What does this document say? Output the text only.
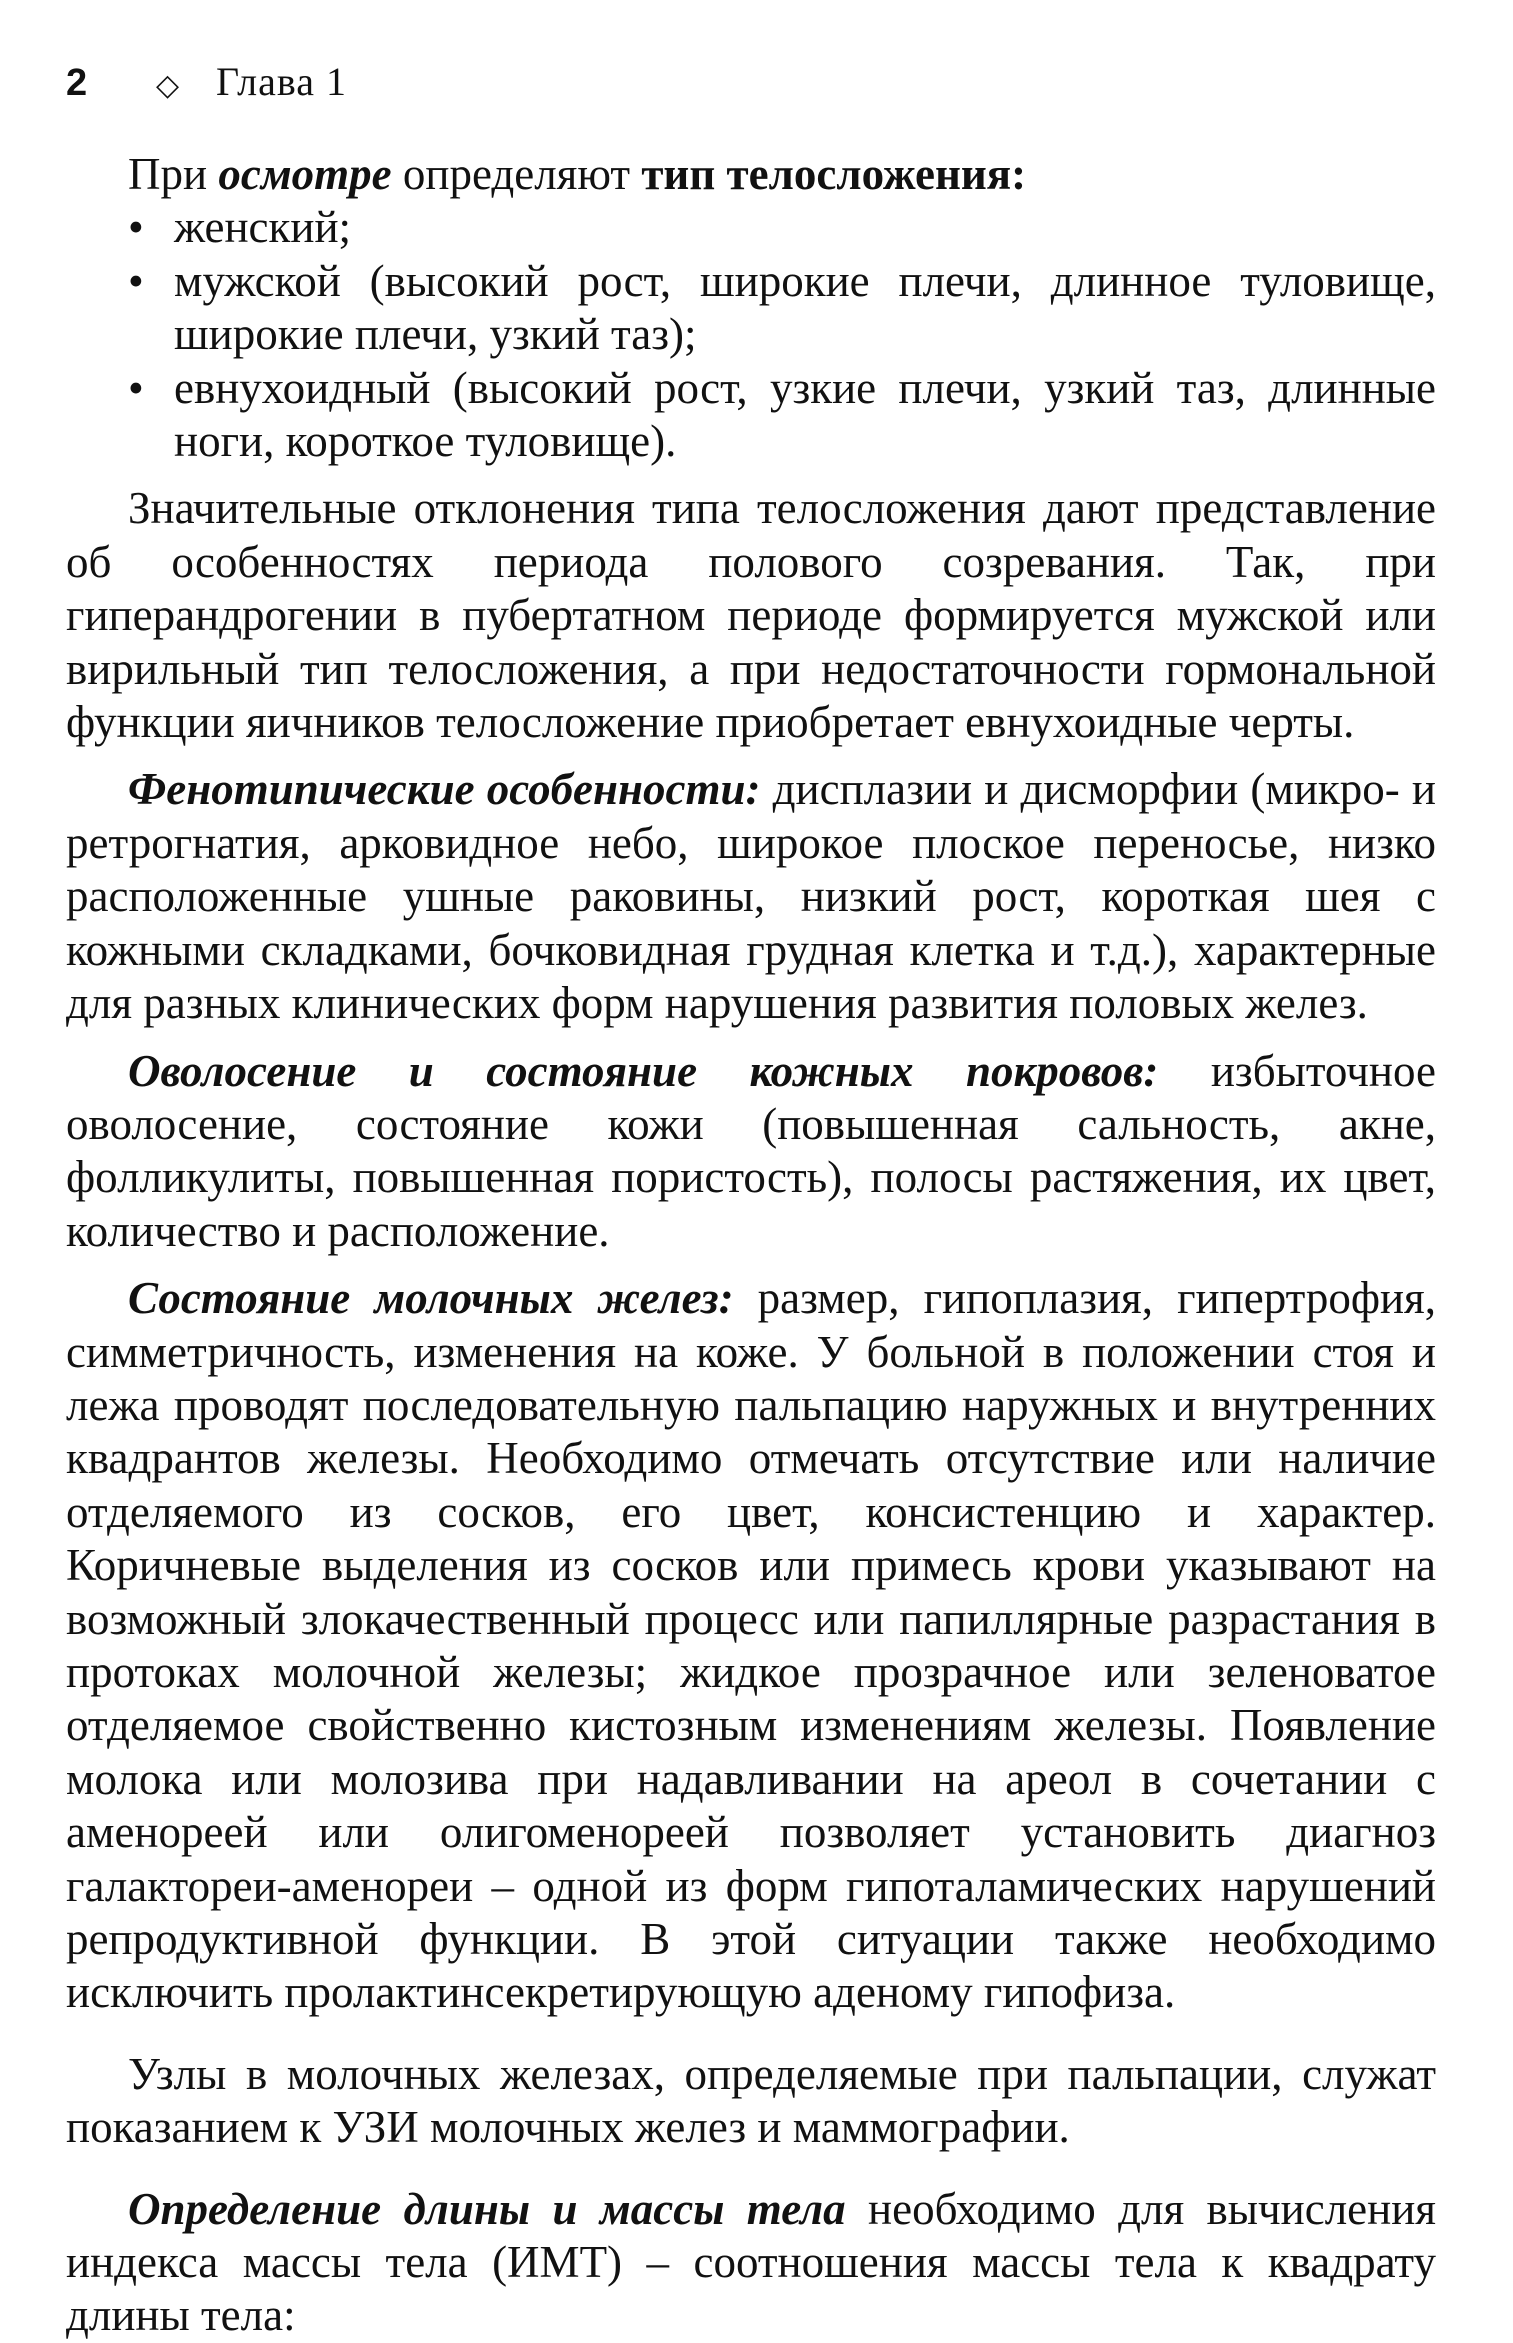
2	◇ Глава 1

При осмотре определяют тип телосложения:

• женский;
• мужской (высокий рост, широкие плечи, длинное туловище, широкие плечи, узкий таз);
• евнухоидный (высокий рост, узкие плечи, узкий таз, длинные ноги, короткое туловище).

Значительные отклонения типа телосложения дают представление об особенностях периода полового созревания. Так, при гиперандрогении в пубертатном периоде формируется мужской или вирильный тип телосложения, а при недостаточности гормональной функции яичников телосложение приобретает евнухоидные черты.

Фенотипические особенности: дисплазии и дисморфии (микро- и ретрогнатия, арковидное небо, широкое плоское переносье, низко расположенные ушные раковины, низкий рост, короткая шея с кожными складками, бочковидная грудная клетка и т.д.), характерные для разных клинических форм нарушения развития половых желез.

Оволосение и состояние кожных покровов: избыточное оволосение, состояние кожи (повышенная сальность, акне, фолликулиты, повышенная пористость), полосы растяжения, их цвет, количество и расположение.

Состояние молочных желез: размер, гипоплазия, гипертрофия, симметричность, изменения на коже. У больной в положении стоя и лежа проводят последовательную пальпацию наружных и внутренних квадрантов железы. Необходимо отмечать отсутствие или наличие отделяемого из сосков, его цвет, консистенцию и характер. Коричневые выделения из сосков или примесь крови указывают на возможный злокачественный процесс или папиллярные разрастания в протоках молочной железы; жидкое прозрачное или зеленоватое отделяемое свойственно кистозным изменениям железы. Появление молока или молозива при надавливании на ареол в сочетании с аменореей или олигоменореей позволяет установить диагноз галактореи-аменореи – одной из форм гипоталамических нарушений репродуктивной функции. В этой ситуации также необходимо исключить пролактинсекретирующую аденому гипофиза.

Узлы в молочных железах, определяемые при пальпации, служат показанием к УЗИ молочных желез и маммографии.

Определение длины и массы тела необходимо для вычисления индекса массы тела (ИМТ) – соотношения массы тела к квадрату длины тела:
